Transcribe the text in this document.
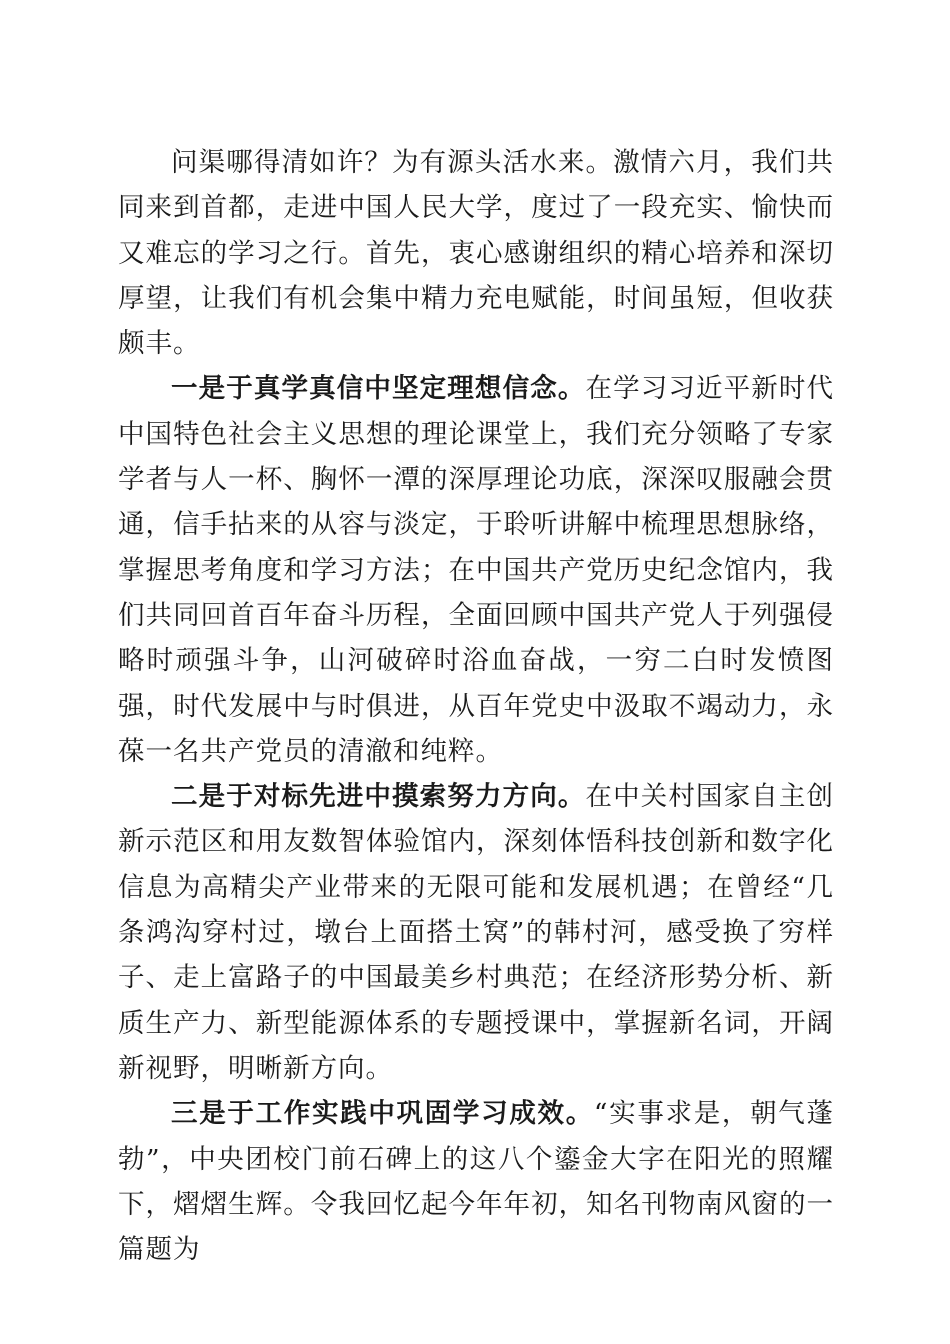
问渠哪得清如许？为有源头活水来。激情六月，我们共同来到首都，走进中国人民大学，度过了一段充实、愉快而又难忘的学习之行。首先，衷心感谢组织的精心培养和深切厚望，让我们有机会集中精力充电赋能，时间虽短，但收获颇丰。

一是于真学真信中坚定理想信念。在学习习近平新时代中国特色社会主义思想的理论课堂上，我们充分领略了专家学者与人一杯、胸怀一潭的深厚理论功底，深深叹服融会贯通，信手拈来的从容与淡定，于聆听讲解中梳理思想脉络，掌握思考角度和学习方法；在中国共产党历史纪念馆内，我们共同回首百年奋斗历程，全面回顾中国共产党人于列强侵略时顽强斗争，山河破碎时浴血奋战，一穷二白时发愤图强，时代发展中与时俱进，从百年党史中汲取不竭动力，永葆一名共产党员的清澈和纯粹。

二是于对标先进中摸索努力方向。在中关村国家自主创新示范区和用友数智体验馆内，深刻体悟科技创新和数字化信息为高精尖产业带来的无限可能和发展机遇；在曾经“几条鸿沟穿村过，墩台上面搭土窝”的韩村河，感受换了穷样子、走上富路子的中国最美乡村典范；在经济形势分析、新质生产力、新型能源体系的专题授课中，掌握新名词，开阔新视野，明晰新方向。

三是于工作实践中巩固学习成效。“实事求是，朝气蓬勃”，中央团校门前石碑上的这八个鎏金大字在阳光的照耀下，熠熠生辉。令我回忆起今年年初，知名刊物南风窗的一篇题为
